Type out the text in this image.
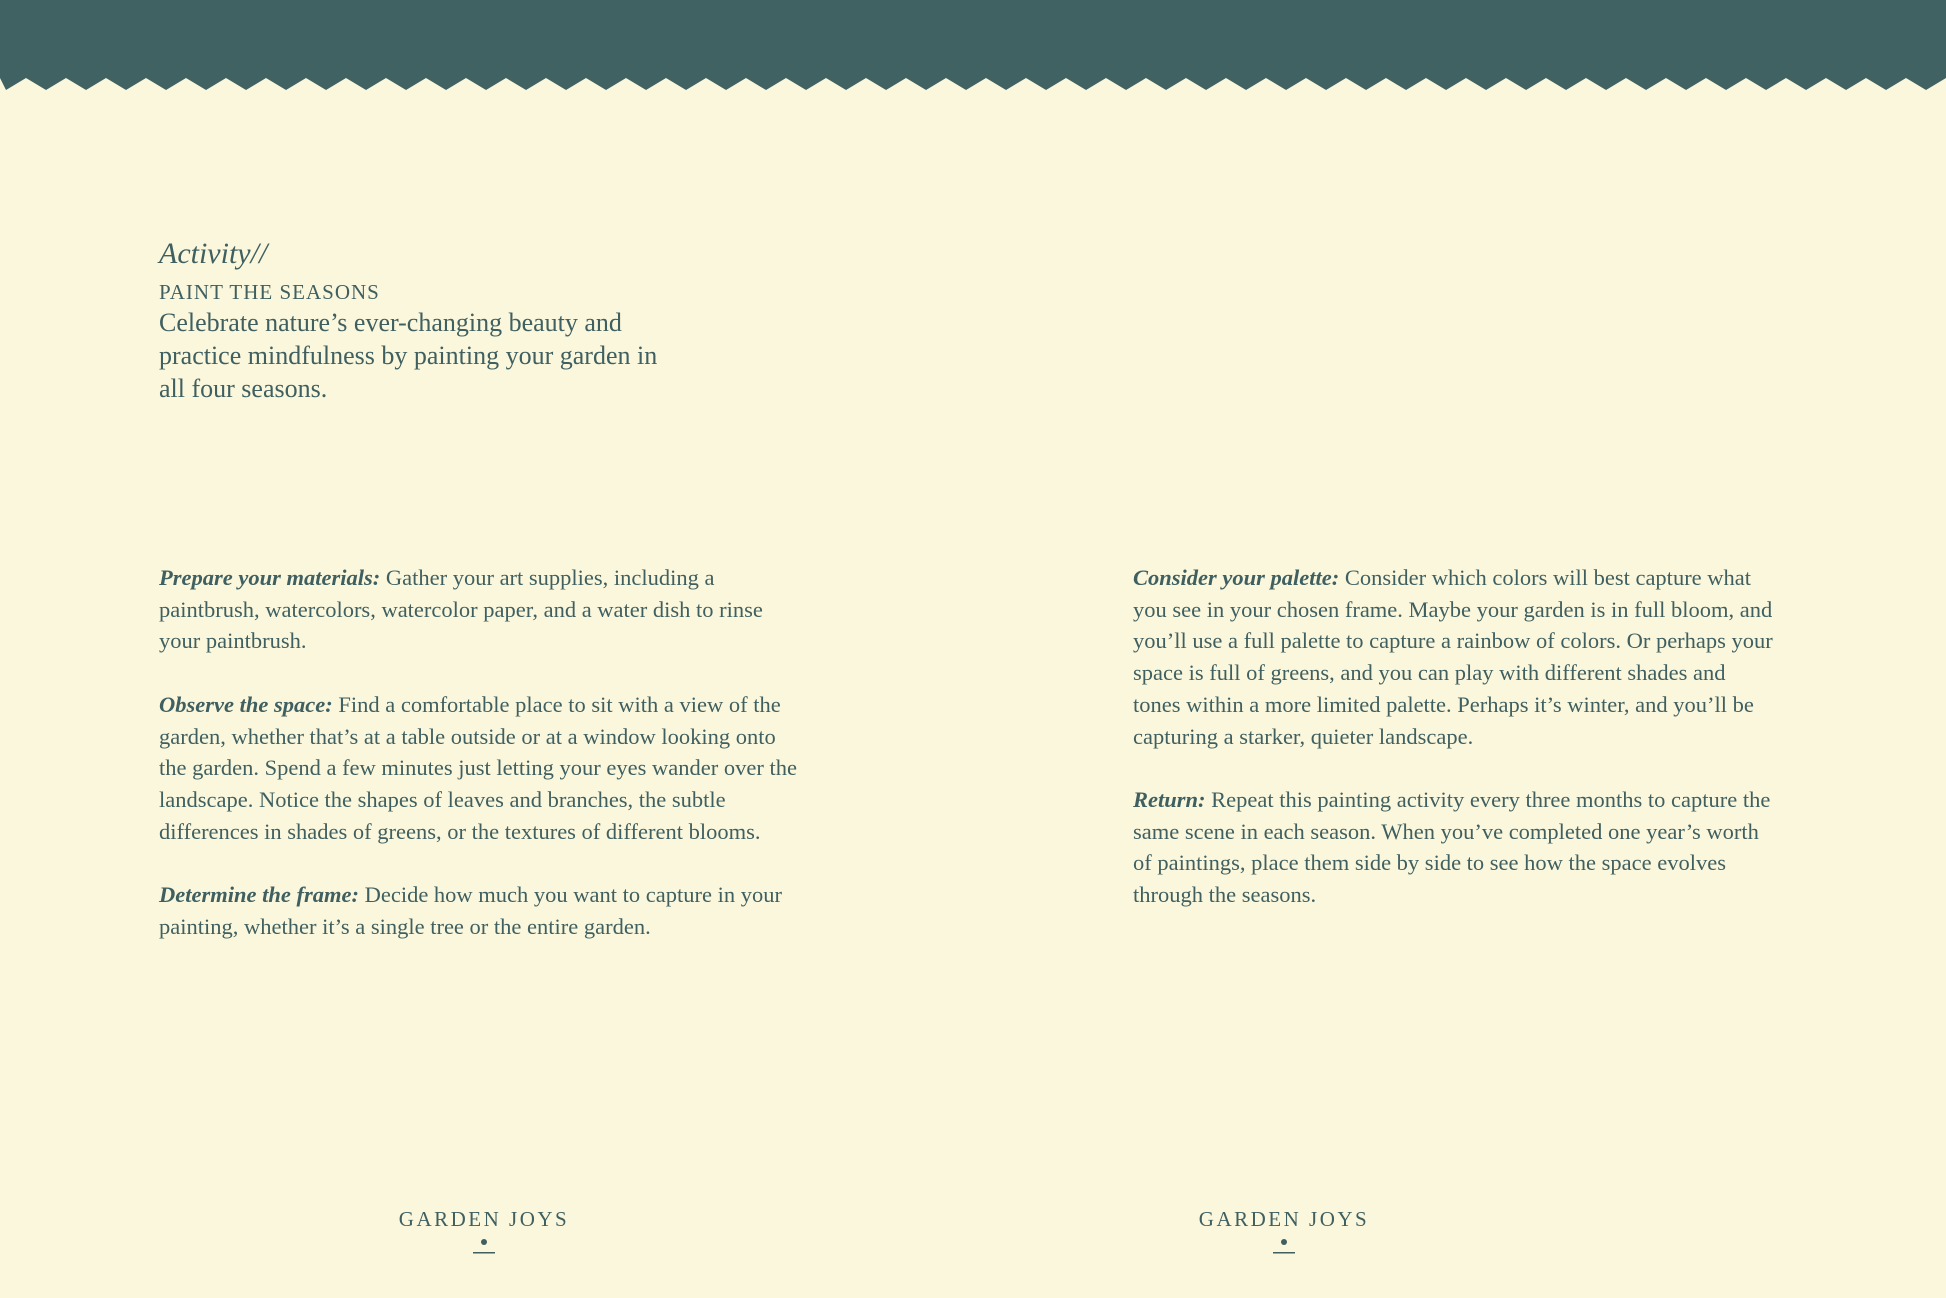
Activity//

PAINT THE SEASONS

Celebrate nature’s ever-changing beauty and practice mindfulness by painting your garden in all four seasons.

Prepare your materials: Gather your art supplies, including a paintbrush, watercolors, watercolor paper, and a water dish to rinse your paintbrush.

Observe the space: Find a comfortable place to sit with a view of the garden, whether that’s at a table outside or at a window looking onto the garden. Spend a few minutes just letting your eyes wander over the landscape. Notice the shapes of leaves and branches, the subtle differences in shades of greens, or the textures of different blooms.

Determine the frame: Decide how much you want to capture in your painting, whether it’s a single tree or the entire garden.

GARDEN JOYS

Consider your palette: Consider which colors will best capture what you see in your chosen frame. Maybe your garden is in full bloom, and you’ll use a full palette to capture a rainbow of colors. Or perhaps your space is full of greens, and you can play with different shades and tones within a more limited palette. Perhaps it’s winter, and you’ll be capturing a starker, quieter landscape.

Return: Repeat this painting activity every three months to capture the same scene in each season. When you’ve completed one year’s worth of paintings, place them side by side to see how the space evolves through the seasons.

GARDEN JOYS
